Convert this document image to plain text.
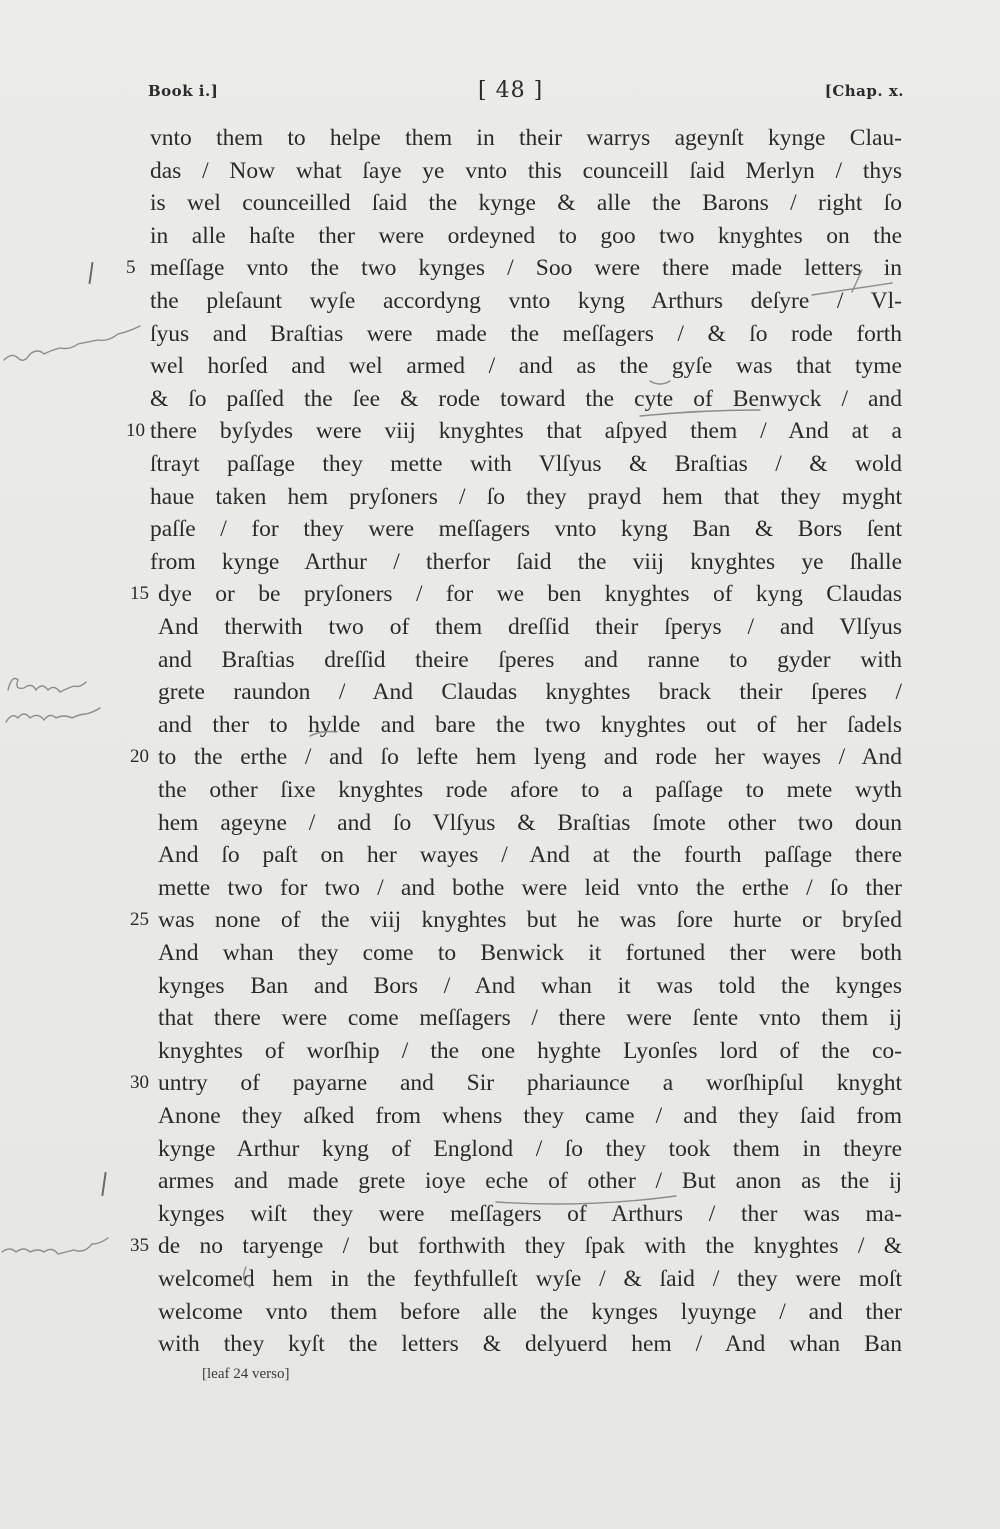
Book i.]	[ 48 ]	[Chap. x.
vnto them to helpe them in their warrys ageynſt kynge Clau-
das / Now what ſaye ye vnto this counceill ſaid Merlyn / thys
is wel counceilled ſaid the kynge & alle the Barons / right ſo
in alle haſte ther were ordeyned to goo two knyghtes on the
meſſage vnto the two kynges / Soo were there made letters in
the pleſaunt wyſe accordyng vnto kyng Arthurs deſyre / Vl-
ſyus and Braſtias were made the meſſagers / & ſo rode forth
wel horſed and wel armed / and as the gyſe was that tyme
& ſo paſſed the ſee & rode toward the cyte of Benwyck / and
there byſydes were viij knyghtes that aſpyed them / And at a
ſtrayt paſſage they mette with Vlſyus & Braſtias / & wold
haue taken hem pryſoners / ſo they prayd hem that they myght
paſſe / for they were meſſagers vnto kyng Ban & Bors ſent
from kynge Arthur / therfor ſaid the viij knyghtes ye ſhalle
dye or be pryſoners / for we ben knyghtes of kyng Claudas
And therwith two of them dreſſid their ſperys / and Vlſyus
and Braſtias dreſſid theire ſperes and ranne to gyder with
grete raundon / And Claudas knyghtes brack their ſperes /
and ther to hylde and bare the two knyghtes out of her ſadels
to the erthe / and ſo lefte hem lyeng and rode her wayes / And
the other ſixe knyghtes rode afore to a paſſage to mete wyth
hem ageyne / and ſo Vlſyus & Braſtias ſmote other two doun
And ſo paſt on her wayes / And at the fourth paſſage there
mette two for two / and bothe were leid vnto the erthe / ſo ther
was none of the viij knyghtes but he was ſore hurte or bryſed
And whan they come to Benwick it fortuned ther were both
kynges Ban and Bors / And whan it was told the kynges
that there were come meſſagers / there were ſente vnto them ij
knyghtes of worſhip / the one hyghte Lyonſes lord of the co-
untry of payarne and Sir phariaunce a worſhipſul knyght
Anone they aſked from whens they came / and they ſaid from
kynge Arthur kyng of Englond / ſo they took them in theyre
armes and made grete ioye eche of other / But anon as the ij
kynges wiſt they were meſſagers of Arthurs / ther was ma-
de no taryenge / but forthwith they ſpak with the knyghtes / &
welcomed hem in the feythfulleſt wyſe / & ſaid / they were moſt
welcome vnto them before alle the kynges lyuynge / and ther
with they kyſt the letters & delyuerd hem / And whan Ban
5
10
15
20
25
30
35
[leaf 24 verso]
